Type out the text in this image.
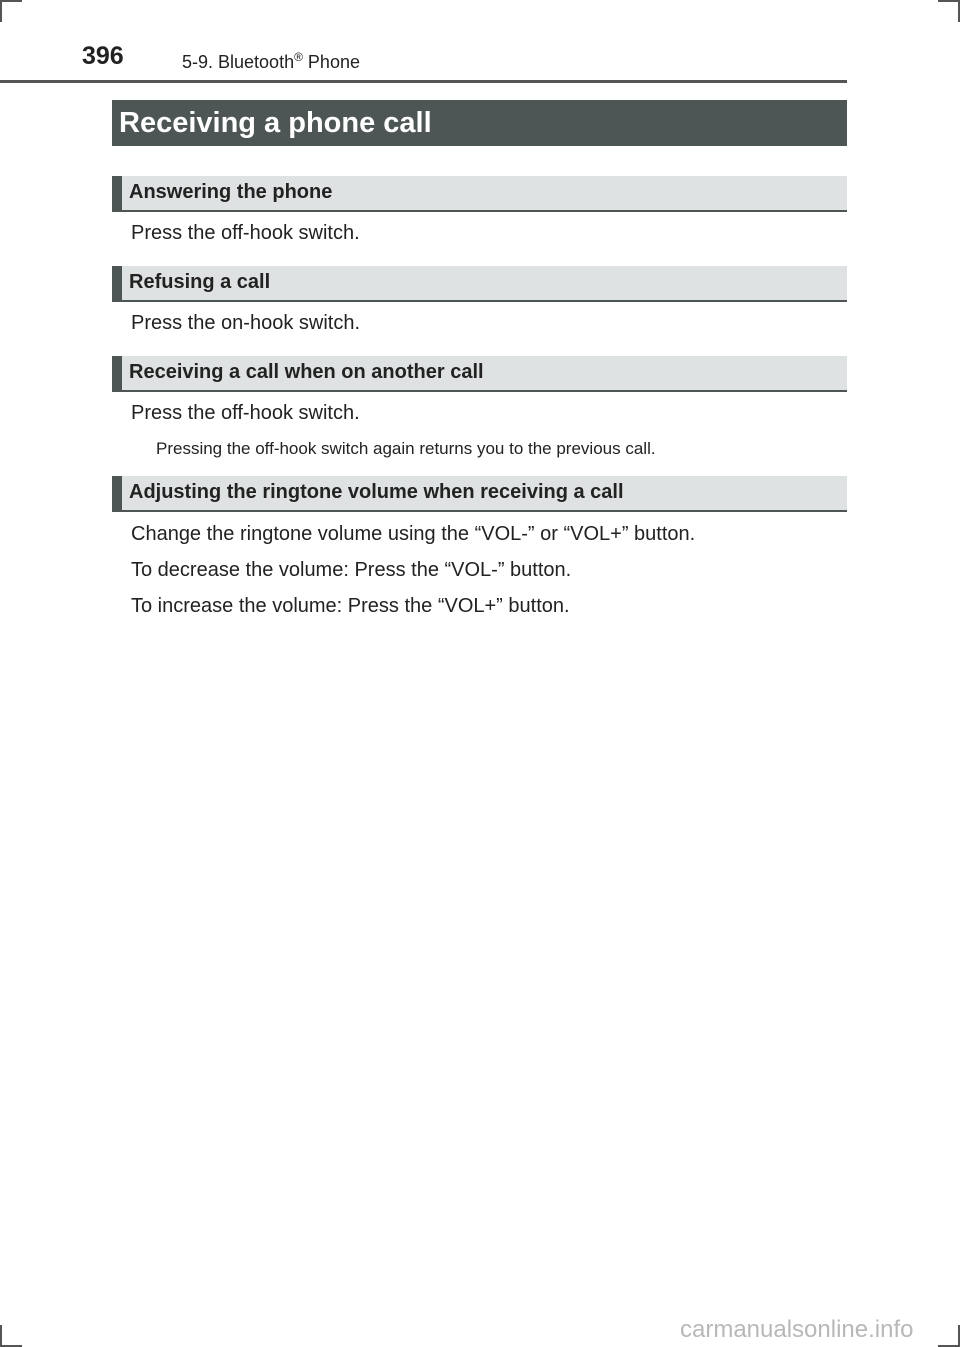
396	5-9. Bluetooth® Phone
Receiving a phone call
Answering the phone
Press the off-hook switch.
Refusing a call
Press the on-hook switch.
Receiving a call when on another call
Press the off-hook switch.
Pressing the off-hook switch again returns you to the previous call.
Adjusting the ringtone volume when receiving a call
Change the ringtone volume using the “VOL-” or “VOL+” button.
To decrease the volume: Press the “VOL-” button.
To increase the volume: Press the “VOL+” button.
carmanualsonline.info
